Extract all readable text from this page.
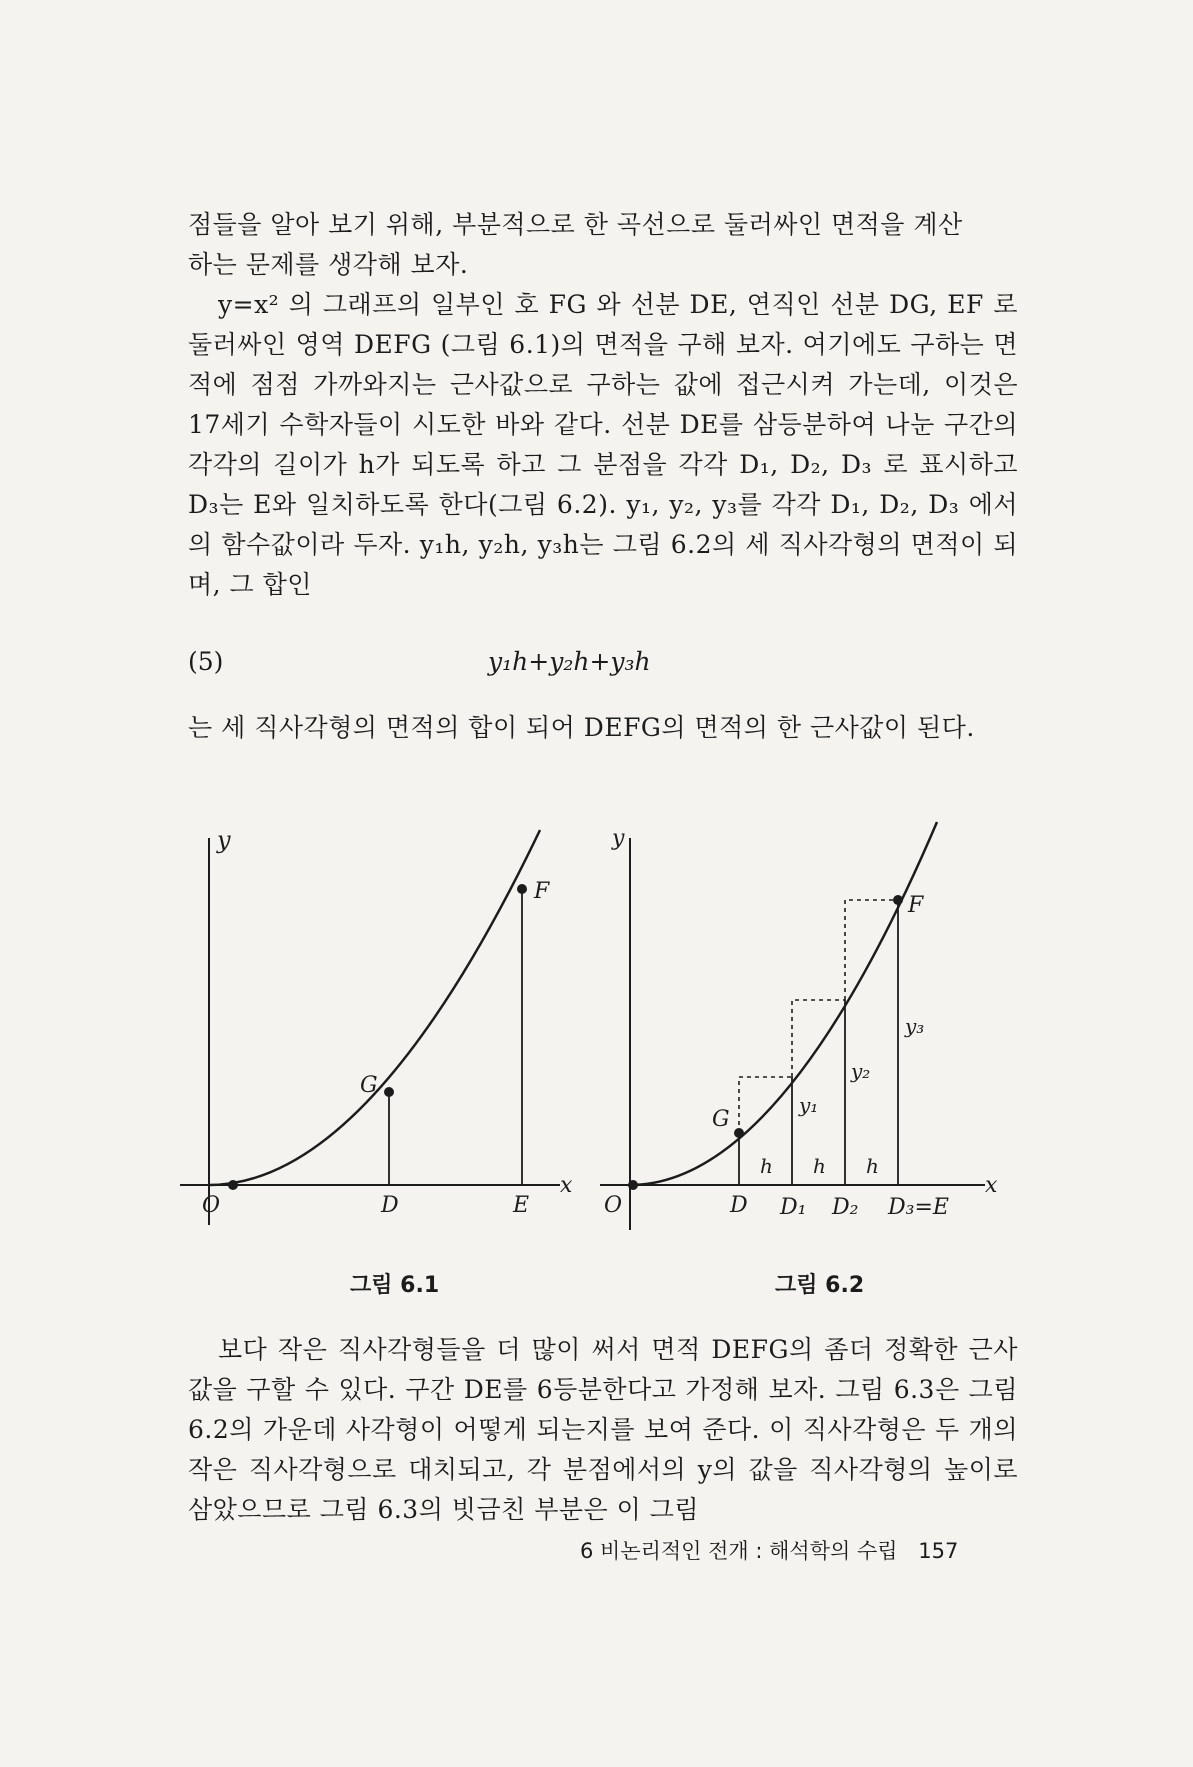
점들을 알아 보기 위해, 부분적으로 한 곡선으로 둘러싸인 면적을 계산

하는 문제를 생각해 보자.

y=x² 의 그래프의 일부인 호 FG 와 선분 DE, 연직인 선분 DG, EF 로 둘러싸인 영역 DEFG (그림 6.1)의 면적을 구해 보자. 여기에도 구하는 면적에 점점 가까와지는 근사값으로 구하는 값에 접근시켜 가는데, 이것은 17세기 수학자들이 시도한 바와 같다. 선분 DE를 삼등분하여 나눈 구간의 각각의 길이가 h가 되도록 하고 그 분점을 각각 D₁, D₂, D₃ 로 표시하고 D₃는 E와 일치하도록 한다(그림 6.2). y₁, y₂, y₃를 각각 D₁, D₂, D₃ 에서의 함수값이라 두자. y₁h, y₂h, y₃h는 그림 6.2의 세 직사각형의 면적이 되며, 그 합인

(5)	y₁h+y₂h+y₃h

는 세 직사각형의 면적의 합이 되어 DEFG의 면적의 한 근사값이 된다.

y
x
O	D	E
G
F
y
x
O	D D₁ D₂ D₃=E
G
F
y₁
y₂
y₃
h h h
그림 6.1	그림 6.2

보다 작은 직사각형들을 더 많이 써서 면적 DEFG의 좀더 정확한 근사값을 구할 수 있다. 구간 DE를 6등분한다고 가정해 보자. 그림 6.3은 그림 6.2의 가운데 사각형이 어떻게 되는지를 보여 준다. 이 직사각형은 두 개의 작은 직사각형으로 대치되고, 각 분점에서의 y의 값을 직사각형의 높이로 삼았으므로 그림 6.3의 빗금친 부분은 이 그림

6 비논리적인 전개 : 해석학의 수립 157
